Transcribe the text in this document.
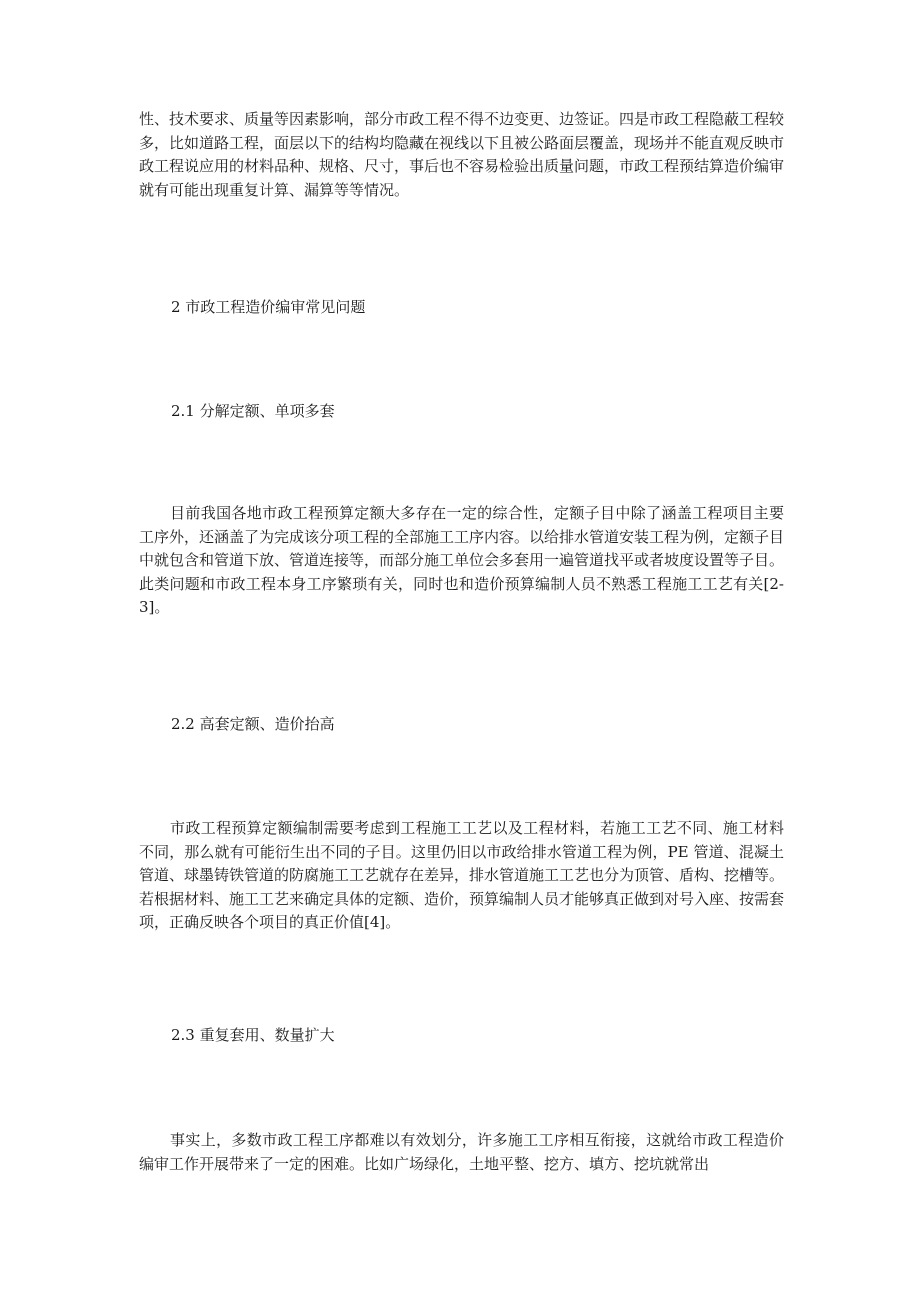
性、技术要求、质量等因素影响，部分市政工程不得不边变更、边签证。四是市政工程隐蔽工程较多，比如道路工程，面层以下的结构均隐藏在视线以下且被公路面层覆盖，现场并不能直观反映市政工程说应用的材料品种、规格、尺寸，事后也不容易检验出质量问题，市政工程预结算造价编审就有可能出现重复计算、漏算等等情况。

2 市政工程造价编审常见问题

2.1 分解定额、单项多套

目前我国各地市政工程预算定额大多存在一定的综合性，定额子目中除了涵盖工程项目主要工序外，还涵盖了为完成该分项工程的全部施工工序内容。以给排水管道安装工程为例，定额子目中就包含和管道下放、管道连接等，而部分施工单位会多套用一遍管道找平或者坡度设置等子目。此类问题和市政工程本身工序繁琐有关，同时也和造价预算编制人员不熟悉工程施工工艺有关[2-3]。

2.2 高套定额、造价抬高

市政工程预算定额编制需要考虑到工程施工工艺以及工程材料，若施工工艺不同、施工材料不同，那么就有可能衍生出不同的子目。这里仍旧以市政给排水管道工程为例，PE 管道、混凝土管道、球墨铸铁管道的防腐施工工艺就存在差异，排水管道施工工艺也分为顶管、盾构、挖槽等。若根据材料、施工工艺来确定具体的定额、造价，预算编制人员才能够真正做到对号入座、按需套项，正确反映各个项目的真正价值[4]。

2.3 重复套用、数量扩大

事实上，多数市政工程工序都难以有效划分，许多施工工序相互衔接，这就给市政工程造价编审工作开展带来了一定的困难。比如广场绿化，土地平整、挖方、填方、挖坑就常出
